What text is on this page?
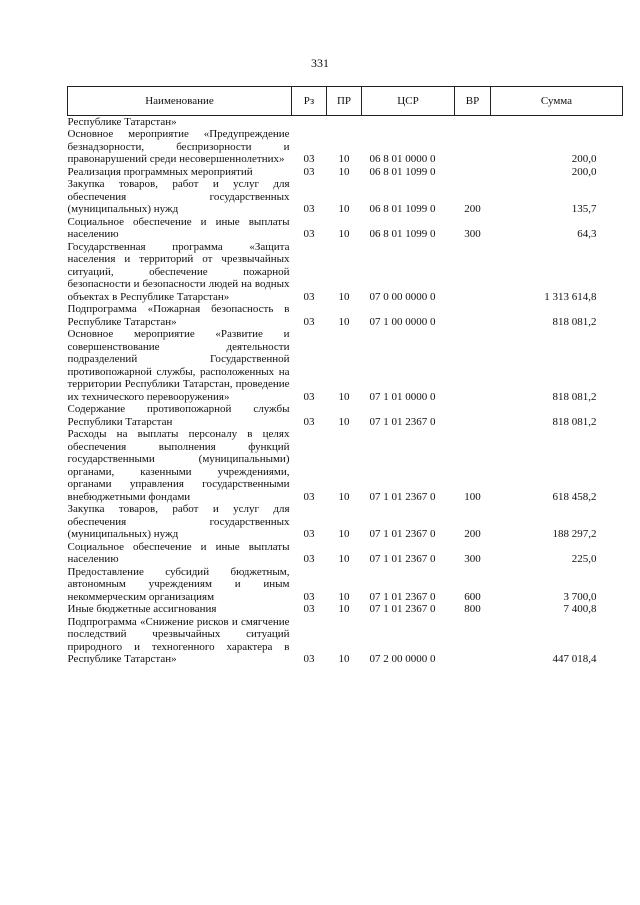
331
Наименование	Рз	ПР	ЦСР	ВР	Сумма
Республике Татарстан»					
Основное мероприятие «Предупреждение безнадзорности, беспризорности и правонарушений среди несовершеннолетних»	03	10	06 8 01 0000 0		200,0
Реализация программных мероприятий	03	10	06 8 01 1099 0		200,0
Закупка товаров, работ и услуг для обеспечения государственных (муниципальных) нужд	03	10	06 8 01 1099 0	200	135,7
Социальное обеспечение и иные выплаты населению	03	10	06 8 01 1099 0	300	64,3
Государственная программа «Защита населения и территорий от чрезвычайных ситуаций, обеспечение пожарной безопасности и безопасности людей на водных объектах в Республике Татарстан»	03	10	07 0 00 0000 0		1 313 614,8
Подпрограмма «Пожарная безопасность в Республике Татарстан»	03	10	07 1 00 0000 0		818 081,2
Основное мероприятие «Развитие и совершенствование деятельности подразделений Государственной противопожарной службы, расположенных на территории Республики Татарстан, проведение их технического перевооружения»	03	10	07 1 01 0000 0		818 081,2
Содержание противопожарной службы Республики Татарстан	03	10	07 1 01 2367 0		818 081,2
Расходы на выплаты персоналу в целях обеспечения выполнения функций государственными (муниципальными) органами, казенными учреждениями, органами управления государственными внебюджетными фондами	03	10	07 1 01 2367 0	100	618 458,2
Закупка товаров, работ и услуг для обеспечения государственных (муниципальных) нужд	03	10	07 1 01 2367 0	200	188 297,2
Социальное обеспечение и иные выплаты населению	03	10	07 1 01 2367 0	300	225,0
Предоставление субсидий бюджетным, автономным учреждениям и иным некоммерческим организациям	03	10	07 1 01 2367 0	600	3 700,0
Иные бюджетные ассигнования	03	10	07 1 01 2367 0	800	7 400,8
Подпрограмма «Снижение рисков и смягчение последствий чрезвычайных ситуаций природного и техногенного характера в Республике Татарстан»	03	10	07 2 00 0000 0		447 018,4
